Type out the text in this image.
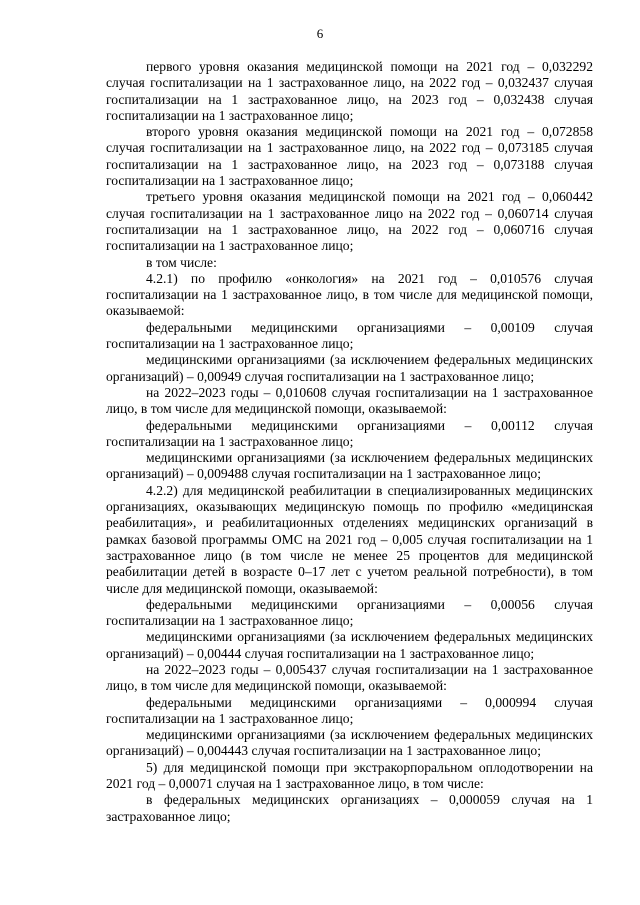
6

первого уровня оказания медицинской помощи на 2021 год – 0,032292 случая госпитализации на 1 застрахованное лицо, на 2022 год – 0,032437 случая госпитализации на 1 застрахованное лицо, на 2023 год – 0,032438 случая госпитализации на 1 застрахованное лицо;

второго уровня оказания медицинской помощи на 2021 год – 0,072858 случая госпитализации на 1 застрахованное лицо, на 2022 год – 0,073185 случая госпитализации на 1 застрахованное лицо, на 2023 год – 0,073188 случая госпитализации на 1 застрахованное лицо;

третьего уровня оказания медицинской помощи на 2021 год – 0,060442 случая госпитализации на 1 застрахованное лицо на 2022 год – 0,060714 случая госпитализации на 1 застрахованное лицо, на 2022 год – 0,060716 случая госпитализации на 1 застрахованное лицо;

в том числе:

4.2.1) по профилю «онкология» на 2021 год – 0,010576 случая госпитализации на 1 застрахованное лицо, в том числе для медицинской помощи, оказываемой:

федеральными медицинскими организациями – 0,00109 случая госпитализации на 1 застрахованное лицо;

медицинскими организациями (за исключением федеральных медицинских организаций) – 0,00949 случая госпитализации на 1 застрахованное лицо;

на 2022–2023 годы – 0,010608 случая госпитализации на 1 застрахованное лицо, в том числе для медицинской помощи, оказываемой:

федеральными медицинскими организациями – 0,00112 случая госпитализации на 1 застрахованное лицо;

медицинскими организациями (за исключением федеральных медицинских организаций) – 0,009488 случая госпитализации на 1 застрахованное лицо;

4.2.2) для медицинской реабилитации в специализированных медицинских организациях, оказывающих медицинскую помощь по профилю «медицинская реабилитация», и реабилитационных отделениях медицинских организаций в рамках базовой программы ОМС на 2021 год – 0,005 случая госпитализации на 1 застрахованное лицо (в том числе не менее 25 процентов для медицинской реабилитации детей в возрасте 0–17 лет с учетом реальной потребности), в том числе для медицинской помощи, оказываемой:

федеральными медицинскими организациями – 0,00056 случая госпитализации на 1 застрахованное лицо;

медицинскими организациями (за исключением федеральных медицинских организаций) – 0,00444 случая госпитализации на 1 застрахованное лицо;

на 2022–2023 годы – 0,005437 случая госпитализации на 1 застрахованное лицо, в том числе для медицинской помощи, оказываемой:

федеральными медицинскими организациями – 0,000994 случая госпитализации на 1 застрахованное лицо;

медицинскими организациями (за исключением федеральных медицинских организаций) – 0,004443 случая госпитализации на 1 застрахованное лицо;

5) для медицинской помощи при экстракорпоральном оплодотворении на 2021 год – 0,00071 случая на 1 застрахованное лицо, в том числе:

в федеральных медицинских организациях – 0,000059 случая на 1 застрахованное лицо;
